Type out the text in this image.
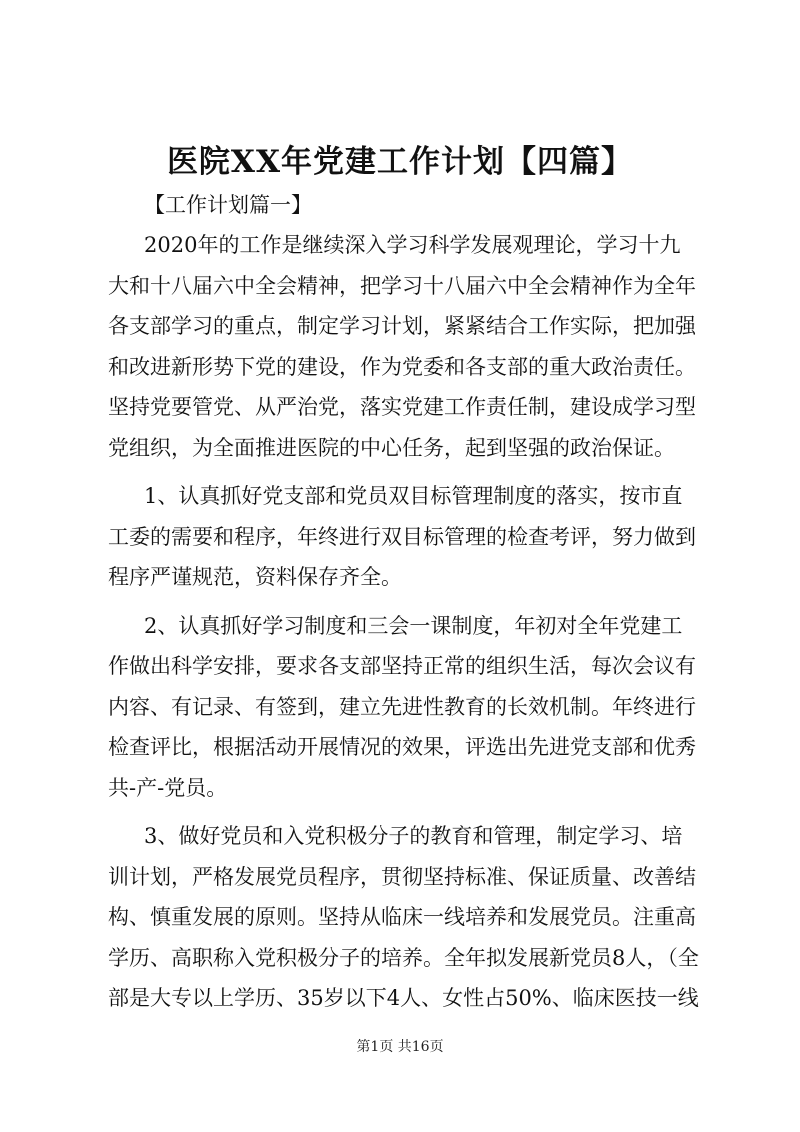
医院XX年党建工作计划【四篇】
【工作计划篇一】

2020年的工作是继续深入学习科学发展观理论，学习十九
大和十八届六中全会精神，把学习十八届六中全会精神作为全年
各支部学习的重点，制定学习计划，紧紧结合工作实际，把加强
和改进新形势下党的建设，作为党委和各支部的重大政治责任。
坚持党要管党、从严治党，落实党建工作责任制，建设成学习型
党组织，为全面推进医院的中心任务，起到坚强的政治保证。

1、认真抓好党支部和党员双目标管理制度的落实，按市直
工委的需要和程序，年终进行双目标管理的检查考评，努力做到
程序严谨规范，资料保存齐全。

2、认真抓好学习制度和三会一课制度，年初对全年党建工
作做出科学安排，要求各支部坚持正常的组织生活，每次会议有
内容、有记录、有签到，建立先进性教育的长效机制。年终进行
检查评比，根据活动开展情况的效果，评选出先进党支部和优秀
共-产-党员。

3、做好党员和入党积极分子的教育和管理，制定学习、培
训计划，严格发展党员程序，贯彻坚持标准、保证质量、改善结
构、慎重发展的原则。坚持从临床一线培养和发展党员。注重高
学历、高职称入党积极分子的培养。全年拟发展新党员8人，（全
部是大专以上学历、35岁以下4人、女性占50%、临床医技一线

第1页 共16页
